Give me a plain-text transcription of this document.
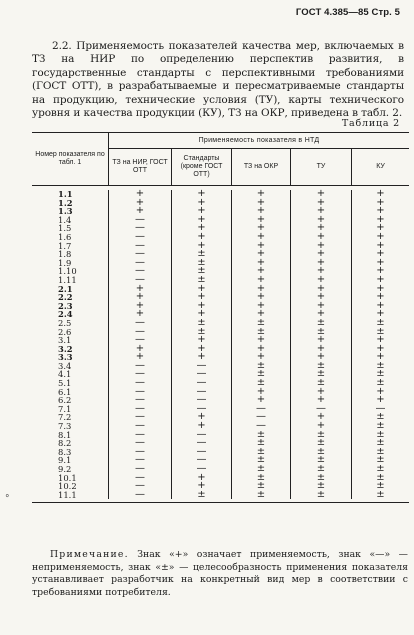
ГОСТ 4.385—85 Стр. 5
2.2. Применяемость показателей качества мер, включаемых в ТЗ на НИР по определению перспектив развития, в государственные стандарты с перспективными требованиями (ГОСТ ОТТ), в разрабатываемые и пересматриваемые стандарты на продукцию, технические условия (ТУ), карты технического уровня и качества продукции (КУ), ТЗ на ОКР, приведена в табл. 2.
Таблица 2
Номер показателя по табл. 1
Применяемость показателя в НТД
ТЗ на НИР, ГОСТ ОТТ
Стандарты (кроме ГОСТ ОТТ)
ТЗ на ОКР	ТУ	КУ
1.1
1.2
1.3
1.4
1.5
1.6
1.7
1.8
1.9
1.10
1.11
2.1
2.2
2.3
2.4
2.5
2.6
3.1
3.2
3.3
3.4
4.1
5.1
6.1
6.2
7.1
7.2
7.3
8.1
8.2
8.3
9.1
9.2
10.1
10.2
11.1
+
+
+
—
—
—
—
—
—
—
—
+
+
+
+
—
—
—
+
+
—
—
—
—
—
—
—
—
—
—
—
—
—
—
—
—
+
+
+
+
+
+
+
±
±
±
±
+
+
+
+
±
±
+
+
+
—
—
—
—
—
—
+
+
—
—
—
—
—
+
+
±
+
+
+
+
+
+
+
+
+
+
+
+
+
+
+
±
±
+
+
+
±
±
±
+
+
—
—
—
±
±
±
±
±
±
±
±
+
+
+
+
+
+
+
+
+
+
+
+
+
+
+
±
±
+
+
+
±
±
±
+
+
—
+
+
±
±
±
±
±
±
±
±
+
+
+
+
+
+
+
+
+
+
+
+
+
+
+
±
±
+
+
+
±
±
±
+
+
—
±
±
±
±
±
±
±
±
±
±
°
Примечание. Знак «+» означает применяемость, знак «—» — неприменяемость, знак «±» — целесообразность применения показателя устанавливает разработчик на конкретный вид мер в соответствии с требованиями потребителя.
